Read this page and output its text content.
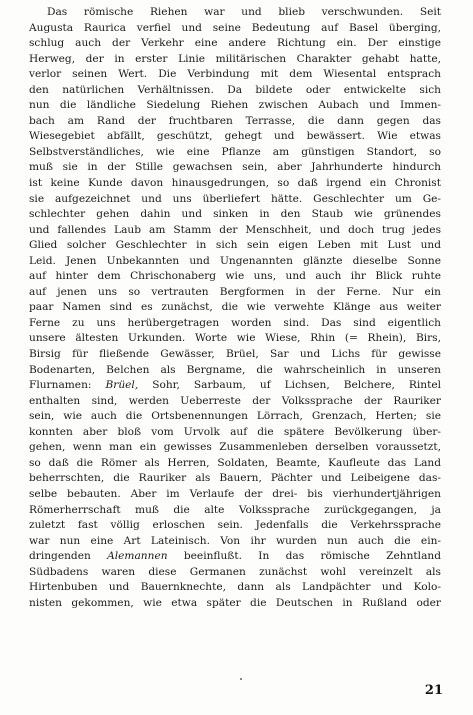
Das römische Riehen war und blieb verschwunden. Seit
Augusta Raurica verfiel und seine Bedeutung auf Basel überging,
schlug auch der Verkehr eine andere Richtung ein. Der einstige
Herweg, der in erster Linie militärischen Charakter gehabt hatte,
verlor seinen Wert. Die Verbindung mit dem Wiesental entsprach
den natürlichen Verhältnissen. Da bildete oder entwickelte sich
nun die ländliche Siedelung Riehen zwischen Aubach und Immen-
bach am Rand der fruchtbaren Terrasse, die dann gegen das
Wiesegebiet abfällt, geschützt, gehegt und bewässert. Wie etwas
Selbstverständliches, wie eine Pflanze am günstigen Standort, so
muß sie in der Stille gewachsen sein, aber Jahrhunderte hindurch
ist keine Kunde davon hinausgedrungen, so daß irgend ein Chronist
sie aufgezeichnet und uns überliefert hätte. Geschlechter um Ge-
schlechter gehen dahin und sinken in den Staub wie grünendes
und fallendes Laub am Stamm der Menschheit, und doch trug jedes
Glied solcher Geschlechter in sich sein eigen Leben mit Lust und
Leid. Jenen Unbekannten und Ungenannten glänzte dieselbe Sonne
auf hinter dem Chrischonaberg wie uns, und auch ihr Blick ruhte
auf jenen uns so vertrauten Bergformen in der Ferne. Nur ein
paar Namen sind es zunächst, die wie verwehte Klänge aus weiter
Ferne zu uns herübergetragen worden sind. Das sind eigentlich
unsere ältesten Urkunden. Worte wie Wiese, Rhin (= Rhein), Birs,
Birsig für fließende Gewässer, Brüel, Sar und Lichs für gewisse
Bodenarten, Belchen als Bergname, die wahrscheinlich in unseren
Flurnamen: Brüel, Sohr, Sarbaum, uf Lichsen, Belchere, Rintel
enthalten sind, werden Ueberreste der Volkssprache der Rauriker
sein, wie auch die Ortsbenennungen Lörrach, Grenzach, Herten; sie
konnten aber bloß vom Urvolk auf die spätere Bevölkerung über-
gehen, wenn man ein gewisses Zusammenleben derselben voraussetzt,
so daß die Römer als Herren, Soldaten, Beamte, Kaufleute das Land
beherrschten, die Rauriker als Bauern, Pächter und Leibeigene das-
selbe bebauten. Aber im Verlaufe der drei- bis vierhundertjährigen
Römerherrschaft muß die alte Volkssprache zurückgegangen, ja
zuletzt fast völlig erloschen sein. Jedenfalls die Verkehrssprache
war nun eine Art Lateinisch. Von ihr wurden nun auch die ein-
dringenden Alemannen beeinflußt. In das römische Zehntland
Südbadens waren diese Germanen zunächst wohl vereinzelt als
Hirtenbuben und Bauernknechte, dann als Landpächter und Kolo-
nisten gekommen, wie etwa später die Deutschen in Rußland oder
21
